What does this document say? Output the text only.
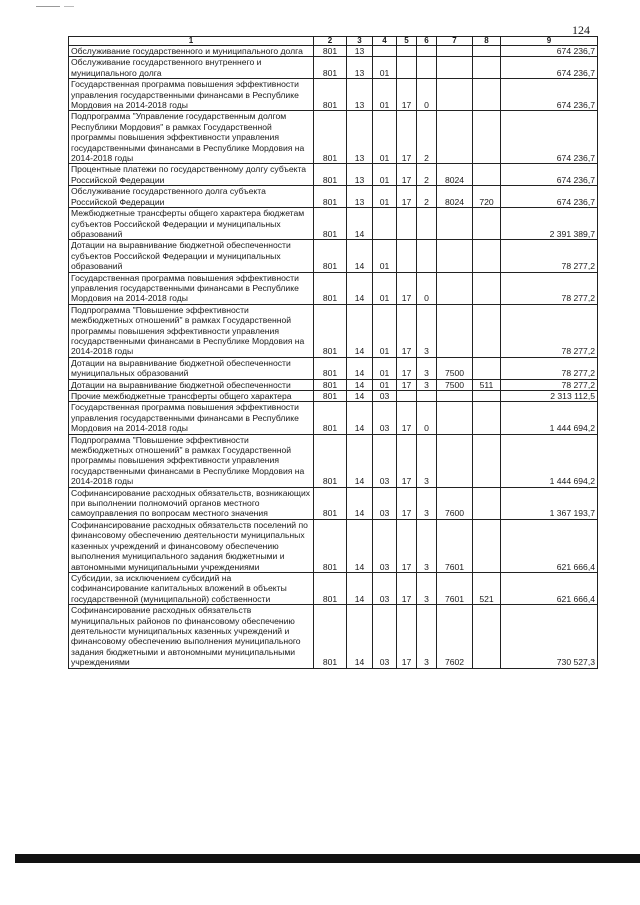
124
1	2	3	4	5	6	7	8	9
Обслуживание государственного и муниципального долга	801	13						674 236,7
Обслуживание государственного внутреннего и муниципального долга	801	13	01					674 236,7
Государственная программа повышения эффективности управления государственными финансами в Республике Мордовия на 2014-2018 годы	801	13	01	17	0			674 236,7
Подпрограмма "Управление государственным долгом Республики Мордовия" в рамках Государственной программы повышения эффективности управления государственными финансами в Республике Мордовия на 2014-2018 годы	801	13	01	17	2			674 236,7
Процентные платежи по государственному долгу субъекта Российской Федерации	801	13	01	17	2	8024		674 236,7
Обслуживание государственного долга субъекта Российской Федерации	801	13	01	17	2	8024	720	674 236,7
Межбюджетные трансферты общего характера бюджетам субъектов Российской Федерации и муниципальных образований	801	14						2 391 389,7
Дотации на выравнивание бюджетной обеспеченности субъектов Российской Федерации и муниципальных образований	801	14	01					78 277,2
Государственная программа повышения эффективности управления государственными финансами в Республике Мордовия на 2014-2018 годы	801	14	01	17	0			78 277,2
Подпрограмма "Повышение эффективности межбюджетных отношений" в рамках Государственной программы повышения эффективности управления государственными финансами в Республике Мордовия на 2014-2018 годы	801	14	01	17	3			78 277,2
Дотации на выравнивание бюджетной обеспеченности муниципальных образований	801	14	01	17	3	7500		78 277,2
Дотации на выравнивание бюджетной обеспеченности	801	14	01	17	3	7500	511	78 277,2
Прочие межбюджетные трансферты общего характера	801	14	03					2 313 112,5
Государственная программа повышения эффективности управления государственными финансами в Республике Мордовия на 2014-2018 годы	801	14	03	17	0			1 444 694,2
Подпрограмма "Повышение эффективности межбюджетных отношений" в рамках Государственной программы повышения эффективности управления государственными финансами в Республике Мордовия на 2014-2018 годы	801	14	03	17	3			1 444 694,2
Софинансирование расходных обязательств, возникающих при выполнении полномочий органов местного самоуправления по вопросам местного значения	801	14	03	17	3	7600		1 367 193,7
Софинансирование расходных обязательств поселений по финансовому обеспечению деятельности муниципальных казенных учреждений и финансовому обеспечению выполнения муниципального задания бюджетными и автономными муниципальными учреждениями	801	14	03	17	3	7601		621 666,4
Субсидии, за исключением субсидий на софинансирование капитальных вложений в объекты государственной (муниципальной) собственности	801	14	03	17	3	7601	521	621 666,4
Софинансирование расходных обязательств муниципальных районов по финансовому обеспечению деятельности муниципальных казенных учреждений и финансовому обеспечению выполнения муниципального задания бюджетными и автономными муниципальными учреждениями	801	14	03	17	3	7602		730 527,3
